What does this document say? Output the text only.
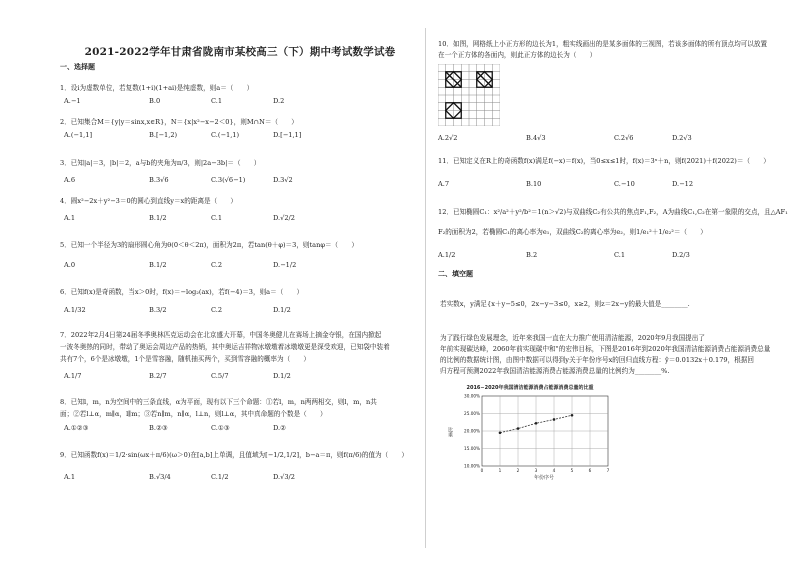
2021-2022学年甘肃省陇南市某校高三（下）期中考试数学试卷
一、选择题
1．设i为虚数单位，若复数(1+i)(1+ai)是纯虚数，则a＝（　　）
A.−1	B.0	C.1	D.2
2．已知集合M＝{y|y＝sinx,x∈R}，N＝{x|x²−x−2＜0}，则M∩N＝（　　）
A.(−1,1]	B.[−1,2)	C.(−1,1)	D.[−1,1]
3．已知|a|＝3，|b|＝2，a与b的夹角为π/3，则|2a−3b|＝（　　）
A.6	B.3√6	C.3(√6−1)	D.3√2
4．圆x²−2x＋y²−3＝0的圆心到直线y＝x的距离是（　　）
A.1	B.1/2	C.1	D.√2/2
5．已知一个半径为3的扇形圆心角为θ(0＜θ＜2π)，面积为2π，若tan(θ＋φ)＝3，则tanφ＝（　　）
A.0	B.1/2	C.2	D.−1/2
6．已知f(x)是奇函数，当x＞0时，f(x)＝−log₂(ax)，若f(−4)＝3，则a＝（　　）
A.1/32	B.3/2	C.2	D.1/2
7．2022年2月4日第24届冬季奥林匹克运动会在北京盛大开幕，中国冬奥健儿在赛场上摘金夺银，在国内掀起
一波冬奥热的同时，带动了奥运会周边产品的热销，其中奥运吉祥物冰墩墩着冰墩墩更是深受欢迎，已知袋中装着
共有7个，6个是冰墩墩，1个是雪容融，随机抽买两个，买到雪容融的概率为（　　）
A.1/7	B.2/7	C.5/7	D.1/2
8．已知l，m，n为空间中的三条直线，α为平面，现有以下三个命题：①若l，m，n两两相交，则l，m，n共
面；②若l⊥α，m∥α，l∥m；③若n∥m，n∥α，l⊥n，则l⊥α，其中真命题的个数是（　　）
A.①②③	B.②③	C.①③	D.②
9．已知函数f(x)＝1/2·sin(ωx＋π/6)(ω＞0)在[a,b]上单调，且值域为[−1/2,1/2]，b−a＝π，则f(π/6)的值为（　　）
A.1	B.√3/4	C.1/2	D.√3/2
10．如图，网格纸上小正方形的边长为1，粗实线画出的是某多面体的三视图，若该多面体的所有顶点均可以放置
在一个正方体的各面内，则此正方体的边长为（　　）
A.2√2	B.4√3	C.2√6	D.2√3
11．已知定义在R上的奇函数f(x)满足f(−x)＝f(x)，当0≤x≤1时，f(x)＝3ˣ＋n，则f(2021)＋f(2022)＝（　　）
A.7	B.10	C.−10	D.−12
12．已知椭圆C₁：x²/a²＋y²/b²＝1(n＞√2)与双曲线C₂有公共的焦点F₁,F₂，A为曲线C₁,C₂在第一象限的交点，且△AF₁
F₂的面积为2，若椭圆C₁的离心率为e₁，双曲线C₂的离心率为e₂，则1/e₁²＋1/e₂²＝（　　）
A.1/2	B.2	C.1	D.2/3
二、填空题
若实数x，y满足{x＋y−5≤0，2x−y−3≤0，x≥2，则z＝2x−y的最大值是________.
为了践行绿色发展理念，近年来我国一直在大力推广使用清洁能源，2020年9月我国提出了
年前实现碳达峰，2060年前实现碳中和"的宏伟目标，下图是2016年到2020年我国清洁能源消费占能源消费总量
的比例的数据统计图，由图中数据可以得到y关于年份序号x的回归直线方程：ŷ＝0.0132x＋0.179，根据回
归方程可预测2022年我国清洁能源消费占能源消费总量的比例约为________%.
2016−2020年我国清洁能源消费占能源消费总量的比重
比重
年份序号
30.00%
25.00%
20.00%
15.00%
10.00%
0	1	2	3	4	5	6	7
